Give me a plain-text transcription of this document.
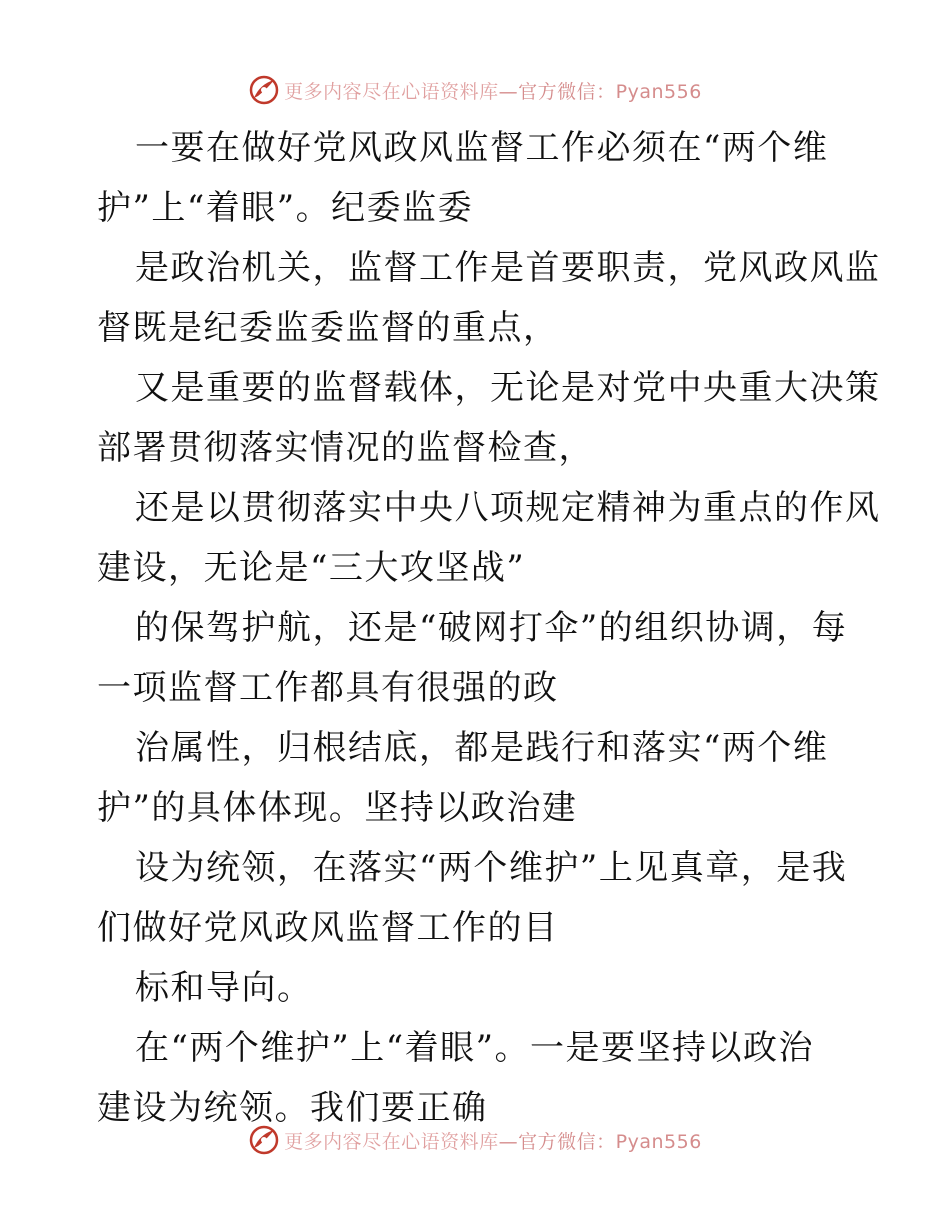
更多内容尽在心语资料库 —官方微信：Pyan556

一要在做好党风政风监督工作必须在“两个维
护”上“着眼”。纪委监委

是政治机关，监督工作是首要职责，党风政风监
督既是纪委监委监督的重点，

又是重要的监督载体，无论是对党中央重大决策
部署贯彻落实情况的监督检查，

还是以贯彻落实中央八项规定精神为重点的作风
建设，无论是“三大攻坚战”

的保驾护航，还是“破网打伞”的组织协调，每
一项监督工作都具有很强的政

治属性，归根结底，都是践行和落实“两个维
护”的具体体现。坚持以政治建

设为统领，在落实“两个维护”上见真章，是我
们做好党风政风监督工作的目

标和导向。

在“两个维护”上“着眼”。一是要坚持以政治
建设为统领。我们要正确

更多内容尽在心语资料库 —官方微信：Pyan556
